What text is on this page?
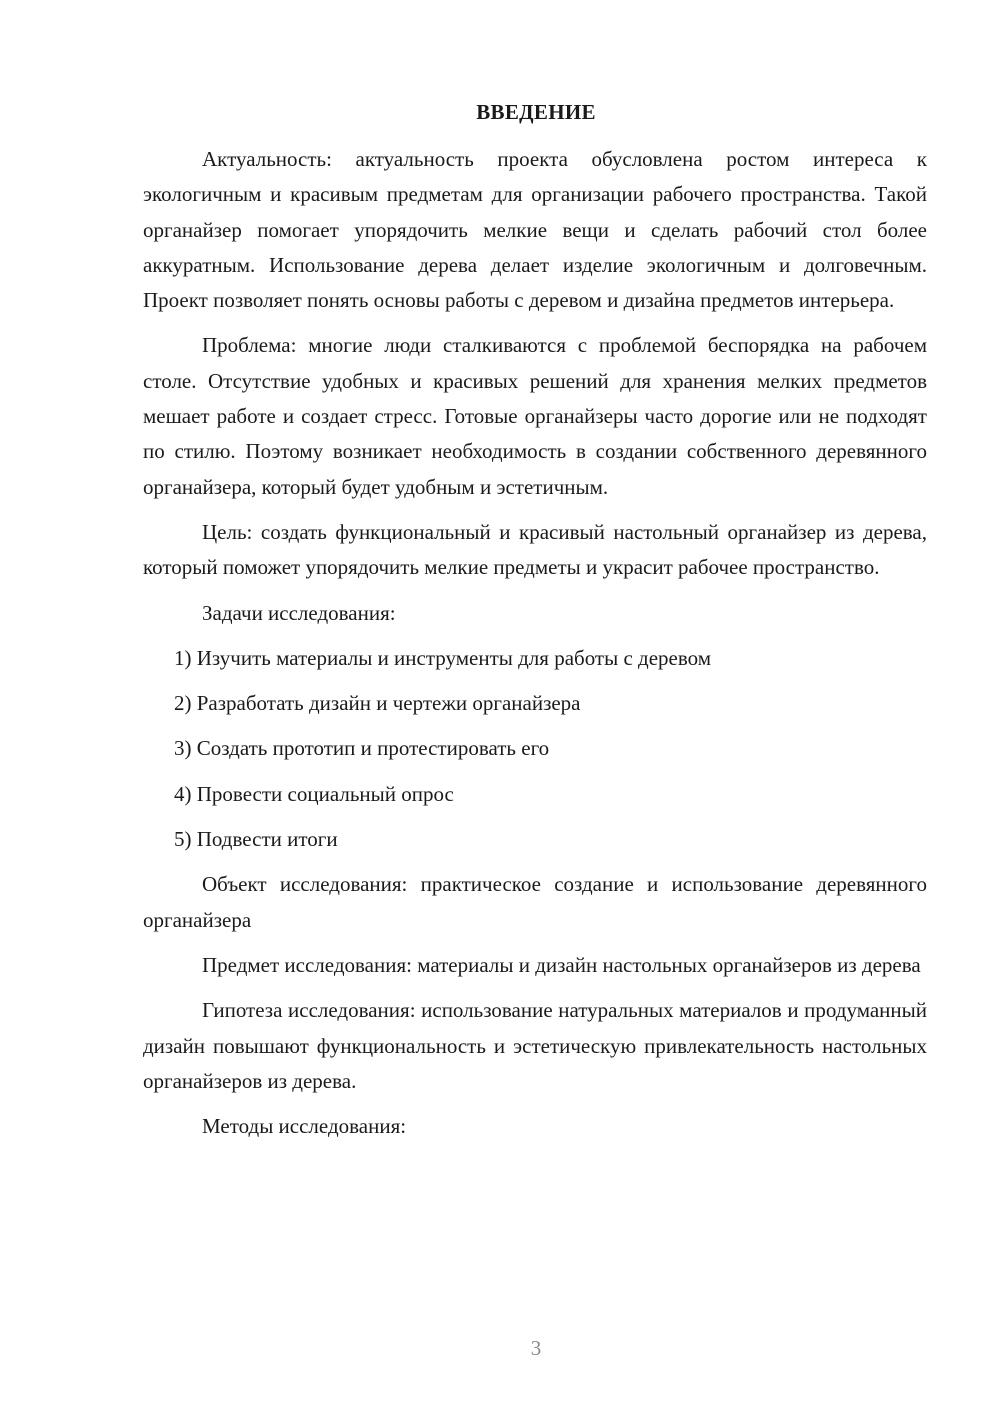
ВВЕДЕНИЕ

Актуальность: актуальность проекта обусловлена ростом интереса к экологичным и красивым предметам для организации рабочего пространства. Такой органайзер помогает упорядочить мелкие вещи и сделать рабочий стол более аккуратным. Использование дерева делает изделие экологичным и долговечным. Проект позволяет понять основы работы с деревом и дизайна предметов интерьера.

Проблема: многие люди сталкиваются с проблемой беспорядка на рабочем столе. Отсутствие удобных и красивых решений для хранения мелких предметов мешает работе и создает стресс. Готовые органайзеры часто дорогие или не подходят по стилю. Поэтому возникает необходимость в создании собственного деревянного органайзера, который будет удобным и эстетичным.

Цель: создать функциональный и красивый настольный органайзер из дерева, который поможет упорядочить мелкие предметы и украсит рабочее пространство.

Задачи исследования:

1) Изучить материалы и инструменты для работы с деревом
2) Разработать дизайн и чертежи органайзера
3) Создать прототип и протестировать его
4) Провести социальный опрос
5) Подвести итоги

Объект исследования: практическое создание и использование деревянного органайзера

Предмет исследования: материалы и дизайн настольных органайзеров из дерева

Гипотеза исследования: использование натуральных материалов и продуманный дизайн повышают функциональность и эстетическую привлекательность настольных органайзеров из дерева.

Методы исследования:

3
